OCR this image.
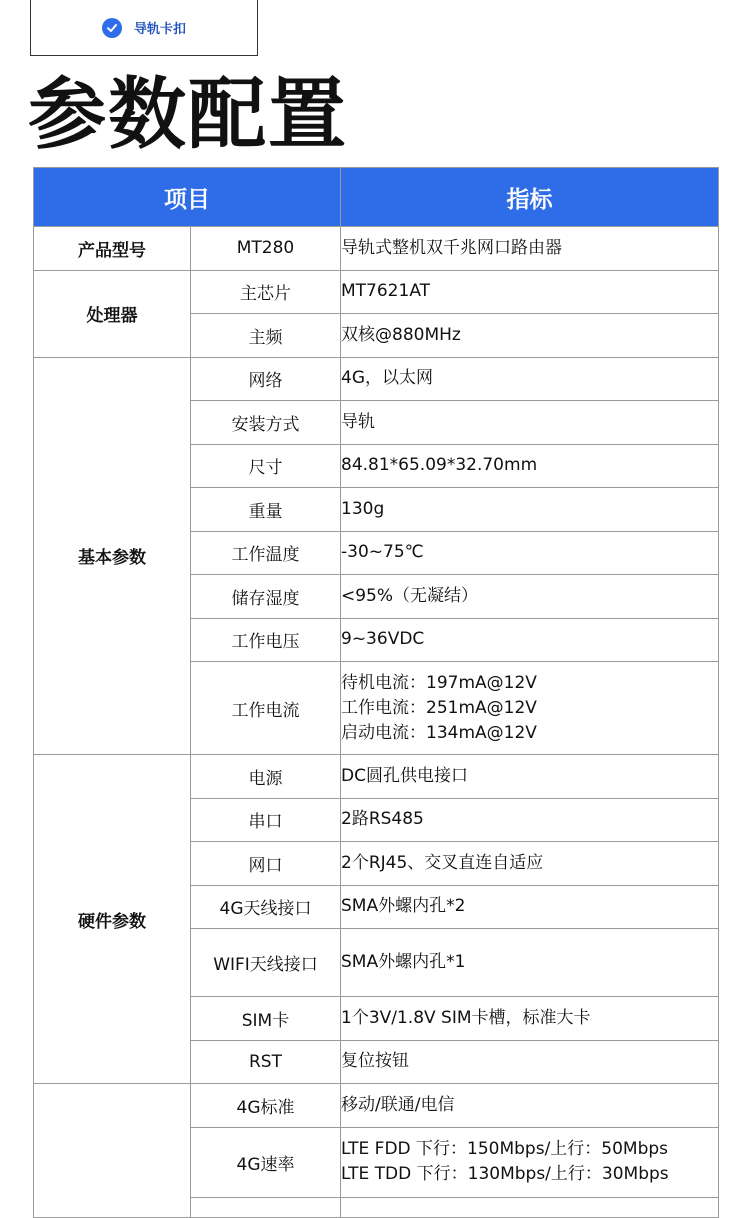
导轨卡扣
参数配置
项目		指标
产品型号	MT280	导轨式整机双千兆网口路由器
处理器	主芯片	MT7621AT
	主频	双核@880MHz
基本参数	网络	4G，以太网
	安装方式	导轨
	尺寸	84.81*65.09*32.70mm
	重量	130g
	工作温度	-30~75℃
	储存湿度	<95%（无凝结）
	工作电压	9~36VDC
	工作电流	待机电流：197mA@12V
工作电流：251mA@12V
启动电流：134mA@12V

硬件参数	电源	DC圆孔供电接口
	串口	2路RS485
	网口	2个RJ45、交叉直连自适应
	4G天线接口	SMA外螺内孔*2
	WIFI天线接口	SMA外螺内孔*1
	SIM卡	1个3V/1.8V SIM卡槽，标准大卡
	RST	复位按钮
	4G标准	移动/联通/电信
	4G速率	LTE FDD 下行：150Mbps/上行：50Mbps
LTE TDD 下行：130Mbps/上行：30Mbps
